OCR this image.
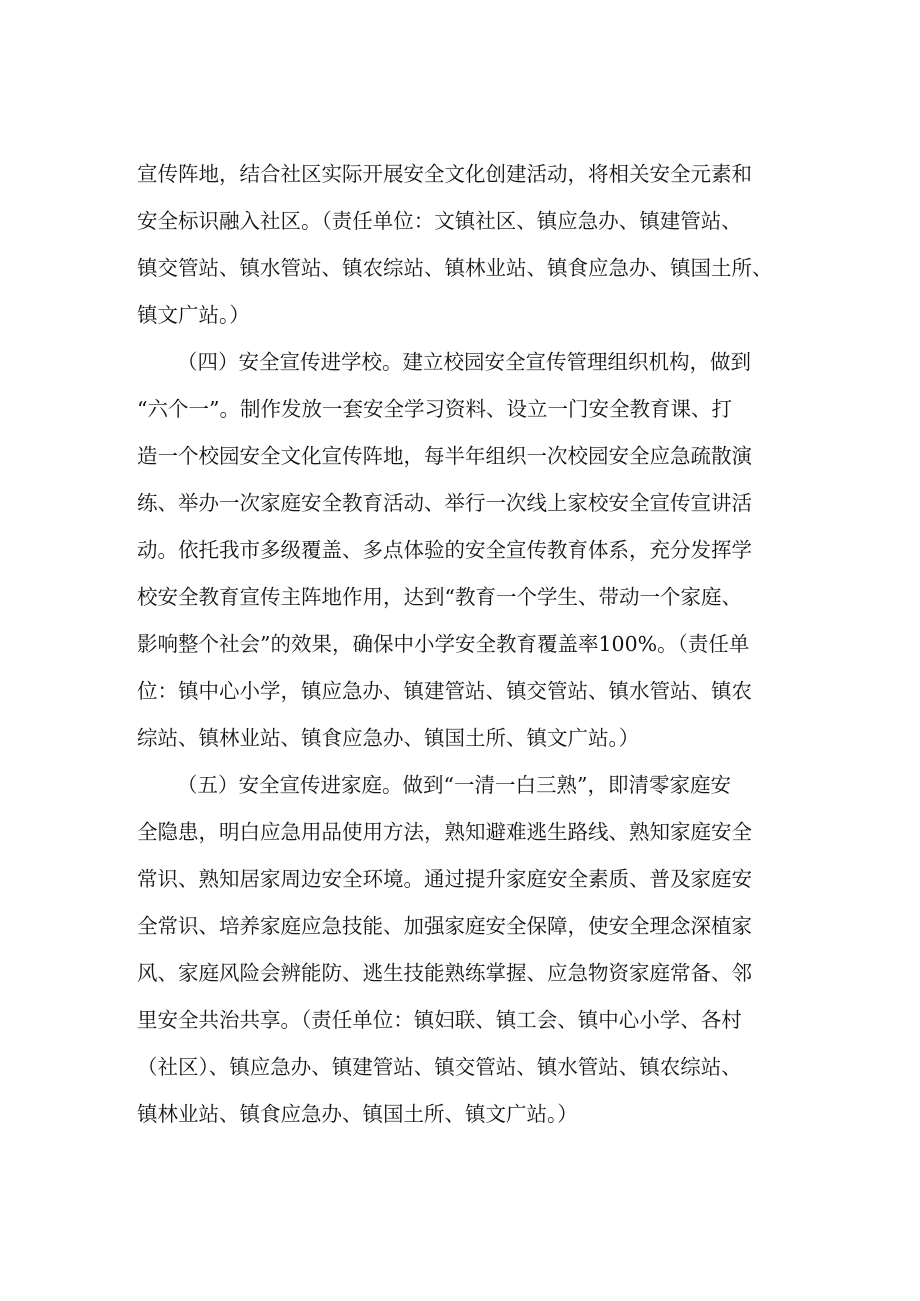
宣传阵地，结合社区实际开展安全文化创建活动，将相关安全元素和

安全标识融入社区。（责任单位：文镇社区、镇应急办、镇建管站、

镇交管站、镇水管站、镇农综站、镇林业站、镇食应急办、镇国土所、

镇文广站。）

（四）安全宣传进学校。建立校园安全宣传管理组织机构，做到

“六个一”。制作发放一套安全学习资料、设立一门安全教育课、打

造一个校园安全文化宣传阵地，每半年组织一次校园安全应急疏散演

练、举办一次家庭安全教育活动、举行一次线上家校安全宣传宣讲活

动。依托我市多级覆盖、多点体验的安全宣传教育体系，充分发挥学

校安全教育宣传主阵地作用，达到“教育一个学生、带动一个家庭、

影响整个社会”的效果，确保中小学安全教育覆盖率100%。（责任单

位：镇中心小学，镇应急办、镇建管站、镇交管站、镇水管站、镇农

综站、镇林业站、镇食应急办、镇国土所、镇文广站。）

（五）安全宣传进家庭。做到“一清一白三熟”，即清零家庭安

全隐患，明白应急用品使用方法，熟知避难逃生路线、熟知家庭安全

常识、熟知居家周边安全环境。通过提升家庭安全素质、普及家庭安

全常识、培养家庭应急技能、加强家庭安全保障，使安全理念深植家

风、家庭风险会辨能防、逃生技能熟练掌握、应急物资家庭常备、邻

里安全共治共享。（责任单位：镇妇联、镇工会、镇中心小学、各村

（社区）、镇应急办、镇建管站、镇交管站、镇水管站、镇农综站、

镇林业站、镇食应急办、镇国土所、镇文广站。）
